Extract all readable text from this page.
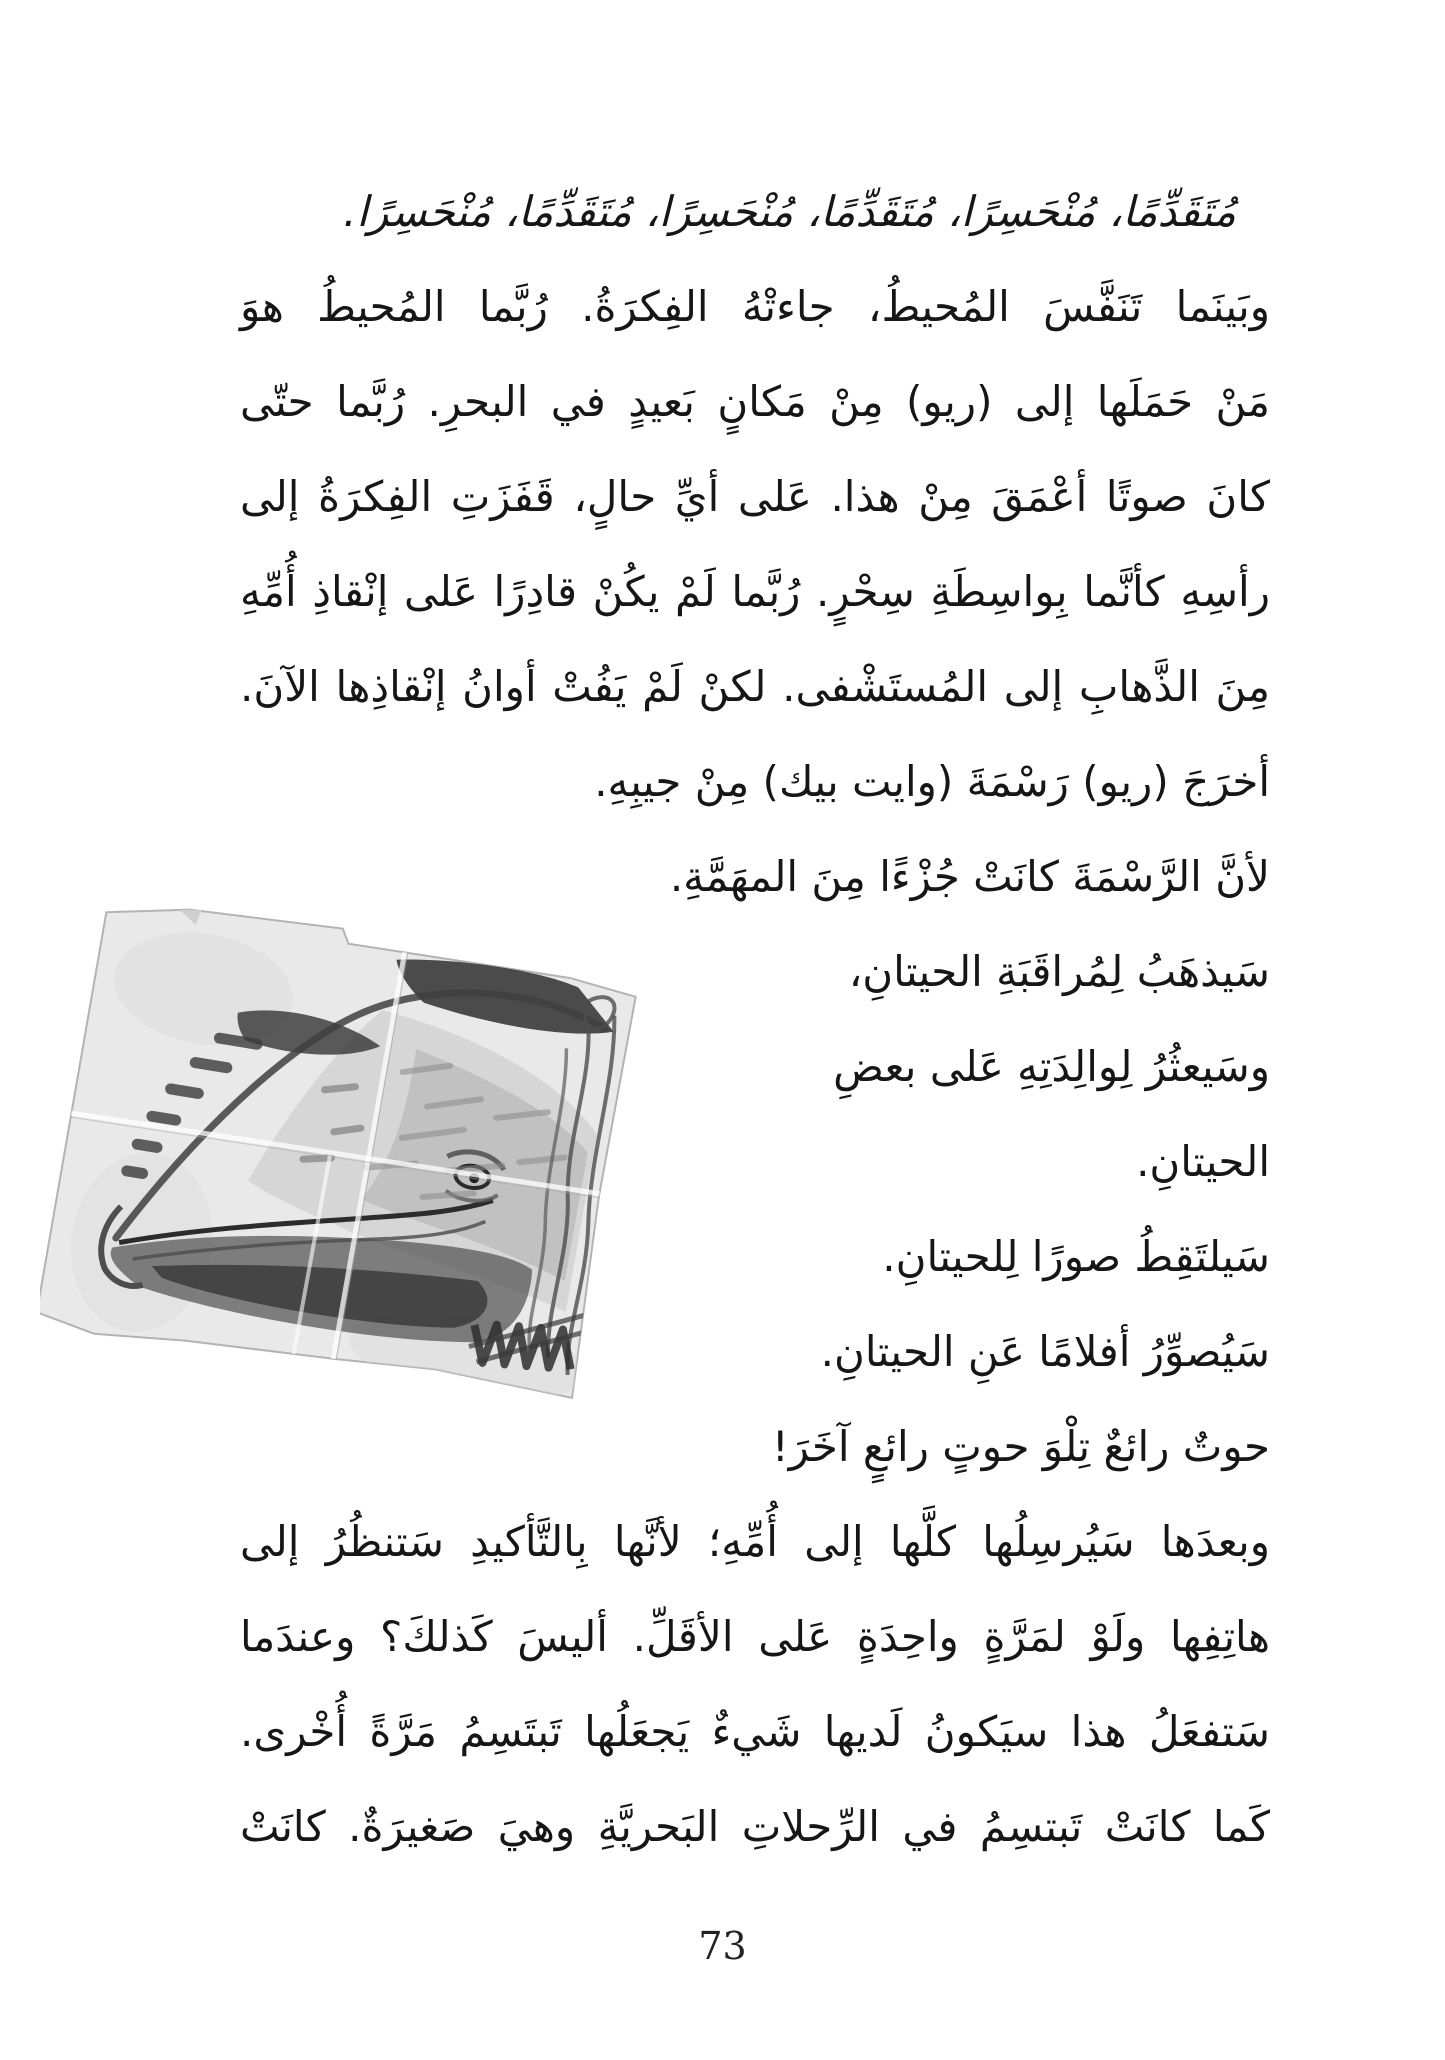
مُتَقَدِّمًا، مُنْحَسِرًا، مُتَقَدِّمًا، مُنْحَسِرًا، مُتَقَدِّمًا، مُنْحَسِرًا.
وبَينَما تَنَفَّسَ المُحيطُ، جاءتْهُ الفِكرَةُ. رُبَّما المُحيطُ هوَ
مَنْ حَمَلَها إلى (ريو) مِنْ مَكانٍ بَعيدٍ في البحرِ. رُبَّما حتّى
كانَ صوتًا أعْمَقَ مِنْ هذا. عَلى أيِّ حالٍ، قَفَزَتِ الفِكرَةُ إلى
رأسِهِ كأنَّما بِواسِطَةِ سِحْرٍ. رُبَّما لَمْ يكُنْ قادِرًا عَلى إنْقاذِ أُمِّهِ
مِنَ الذَّهابِ إلى المُستَشْفى. لكنْ لَمْ يَفُتْ أوانُ إنْقاذِها الآنَ.
أخرَجَ (ريو) رَسْمَةَ (وايت بيك) مِنْ جيبِهِ.
لأنَّ الرَّسْمَةَ كانَتْ جُزْءًا مِنَ المهَمَّةِ.
سَيذهَبُ لِمُراقَبَةِ الحيتانِ،
وسَيعثُرُ لِوالِدَتِهِ عَلى بعضِ
الحيتانِ.
سَيلتَقِطُ صورًا لِلحيتانِ.
سَيُصوِّرُ أفلامًا عَنِ الحيتانِ.
حوتٌ رائعٌ تِلْوَ حوتٍ رائعٍ آخَرَ!
وبعدَها سَيُرسِلُها كلَّها إلى أُمِّهِ؛ لأنَّها بِالتَّأكيدِ سَتنظُرُ إلى
هاتِفِها ولَوْ لمَرَّةٍ واحِدَةٍ عَلى الأقَلِّ. أليسَ كَذلكَ؟ وعندَما
سَتفعَلُ هذا سيَكونُ لَديها شَيءٌ يَجعَلُها تَبتَسِمُ مَرَّةً أُخْرى.
كَما كانَتْ تَبتسِمُ في الرِّحلاتِ البَحريَّةِ وهيَ صَغيرَةٌ. كانَتْ
73
